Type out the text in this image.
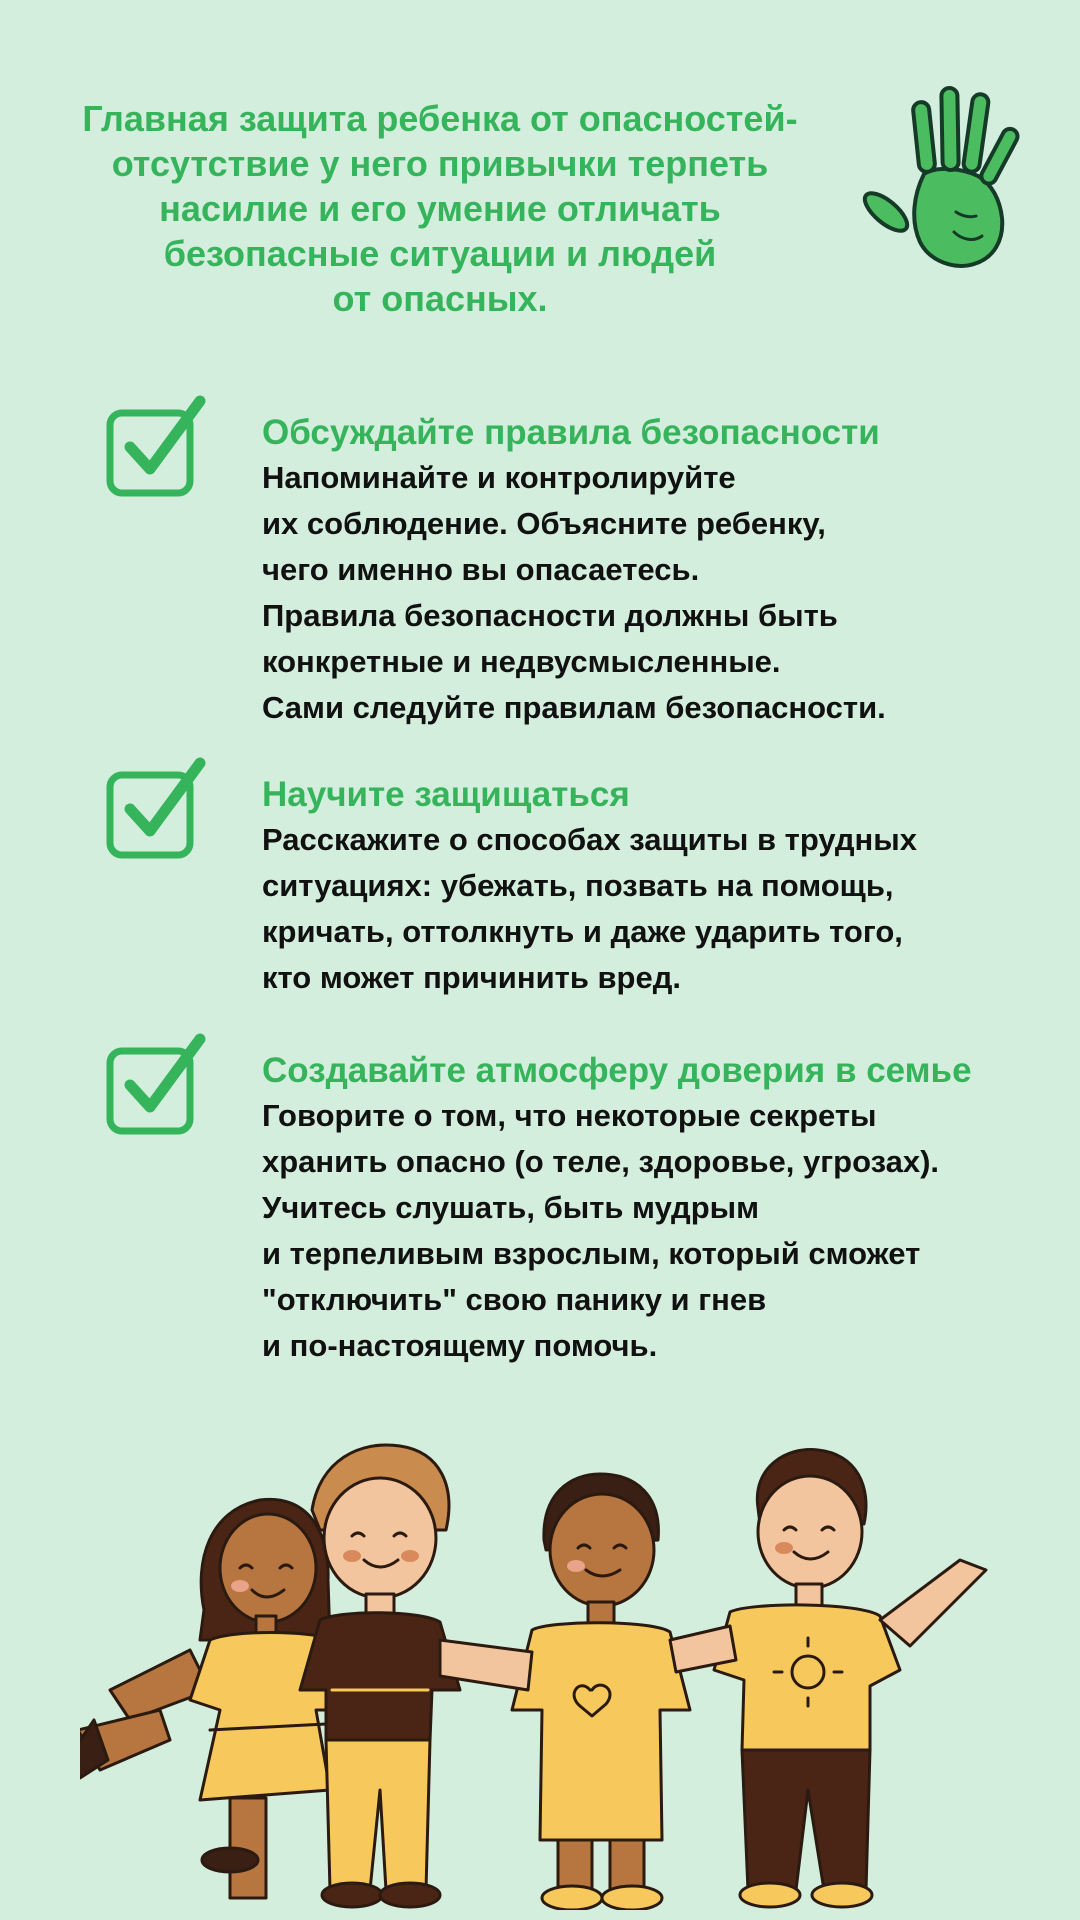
Главная защита ребенка от опасностей-
отсутствие у него привычки терпеть
насилие и его умение отличать
безопасные ситуации и людей
от опасных.
Обсуждайте правила безопасности
Напоминайте и контролируйте
их соблюдение. Объясните ребенку,
чего именно вы опасаетесь.
Правила безопасности должны быть
конкретные и недвусмысленные.
Сами следуйте правилам безопасности.
Научите защищаться
Расскажите о способах защиты в трудных
ситуациях: убежать, позвать на помощь,
кричать, оттолкнуть и даже ударить того,
кто может причинить вред.
Создавайте атмосферу доверия в семье
Говорите о том, что некоторые секреты
хранить опасно (о теле, здоровье, угрозах).
Учитесь слушать, быть мудрым
и терпеливым взрослым, который сможет
"отключить" свою панику и гнев
и по-настоящему помочь.
